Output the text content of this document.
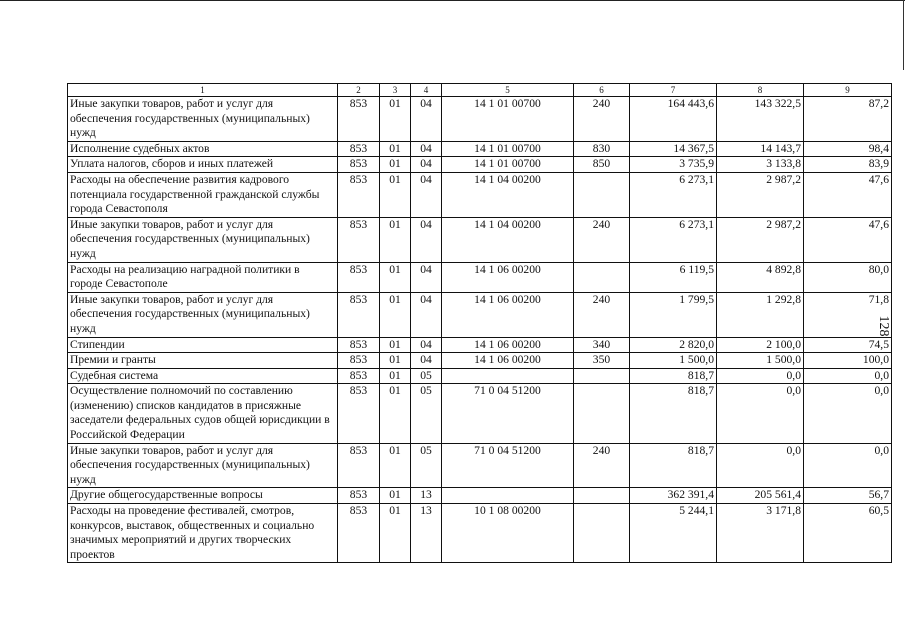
128
1	2	3	4	5	6	7	8	9
Иные закупки товаров, работ и услуг для обеспечения государственных (муниципальных) нужд	853	01	04	14 1 01 00700	240	164 443,6	143 322,5	87,2
Исполнение судебных актов	853	01	04	14 1 01 00700	830	14 367,5	14 143,7	98,4
Уплата налогов, сборов и иных платежей	853	01	04	14 1 01 00700	850	3 735,9	3 133,8	83,9
Расходы на обеспечение развития кадрового потенциала государственной гражданской службы города Севастополя	853	01	04	14 1 04 00200		6 273,1	2 987,2	47,6
Иные закупки товаров, работ и услуг для обеспечения государственных (муниципальных) нужд	853	01	04	14 1 04 00200	240	6 273,1	2 987,2	47,6
Расходы на реализацию наградной политики в городе Севастополе	853	01	04	14 1 06 00200		6 119,5	4 892,8	80,0
Иные закупки товаров, работ и услуг для обеспечения государственных (муниципальных) нужд	853	01	04	14 1 06 00200	240	1 799,5	1 292,8	71,8
Стипендии	853	01	04	14 1 06 00200	340	2 820,0	2 100,0	74,5
Премии и гранты	853	01	04	14 1 06 00200	350	1 500,0	1 500,0	100,0
Судебная система	853	01	05			818,7	0,0	0,0
Осуществление полномочий по составлению (изменению) списков кандидатов в присяжные заседатели федеральных судов общей юрисдикции в Российской Федерации	853	01	05	71 0 04 51200		818,7	0,0	0,0
Иные закупки товаров, работ и услуг для обеспечения государственных (муниципальных) нужд	853	01	05	71 0 04 51200	240	818,7	0,0	0,0
Другие общегосударственные вопросы	853	01	13			362 391,4	205 561,4	56,7
Расходы на проведение фестивалей, смотров, конкурсов, выставок, общественных и социально значимых мероприятий и других творческих проектов	853	01	13	10 1 08 00200		5 244,1	3 171,8	60,5
